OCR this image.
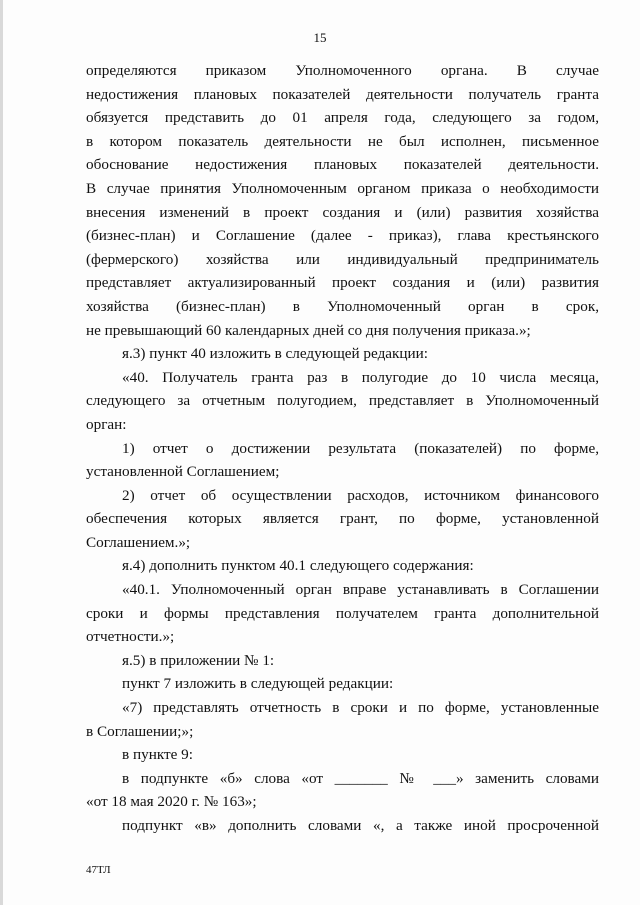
15

определяются приказом Уполномоченного органа. В случае

недостижения плановых показателей деятельности получатель гранта

обязуется представить до 01 апреля года, следующего за годом,

в котором показатель деятельности не был исполнен, письменное

обоснование недостижения плановых показателей деятельности.

В случае принятия Уполномоченным органом приказа о необходимости

внесения изменений в проект создания и (или) развития хозяйства

(бизнес-план) и Соглашение (далее - приказ), глава крестьянского

(фермерского) хозяйства или индивидуальный предприниматель

представляет актуализированный проект создания и (или) развития

хозяйства (бизнес-план) в Уполномоченный орган в срок,

не превышающий 60 календарных дней со дня получения приказа.»;

я.3) пункт 40 изложить в следующей редакции:

«40. Получатель гранта раз в полугодие до 10 числа месяца,

следующего за отчетным полугодием, представляет в Уполномоченный

орган:

1) отчет о достижении результата (показателей) по форме,

установленной Соглашением;

2) отчет об осуществлении расходов, источником финансового

обеспечения которых является грант, по форме, установленной

Соглашением.»;

я.4) дополнить пунктом 40.1 следующего содержания:

«40.1. Уполномоченный орган вправе устанавливать в Соглашении

сроки и формы представления получателем гранта дополнительной

отчетности.»;

я.5) в приложении № 1:

пункт 7 изложить в следующей редакции:

«7) представлять отчетность в сроки и по форме, установленные

в Соглашении;»;

в пункте 9:

в подпункте «б» слова «от _______ № ___» заменить словами

«от 18 мая 2020 г. № 163»;

подпункт «в» дополнить словами «, а также иной просроченной

47ТЛ
